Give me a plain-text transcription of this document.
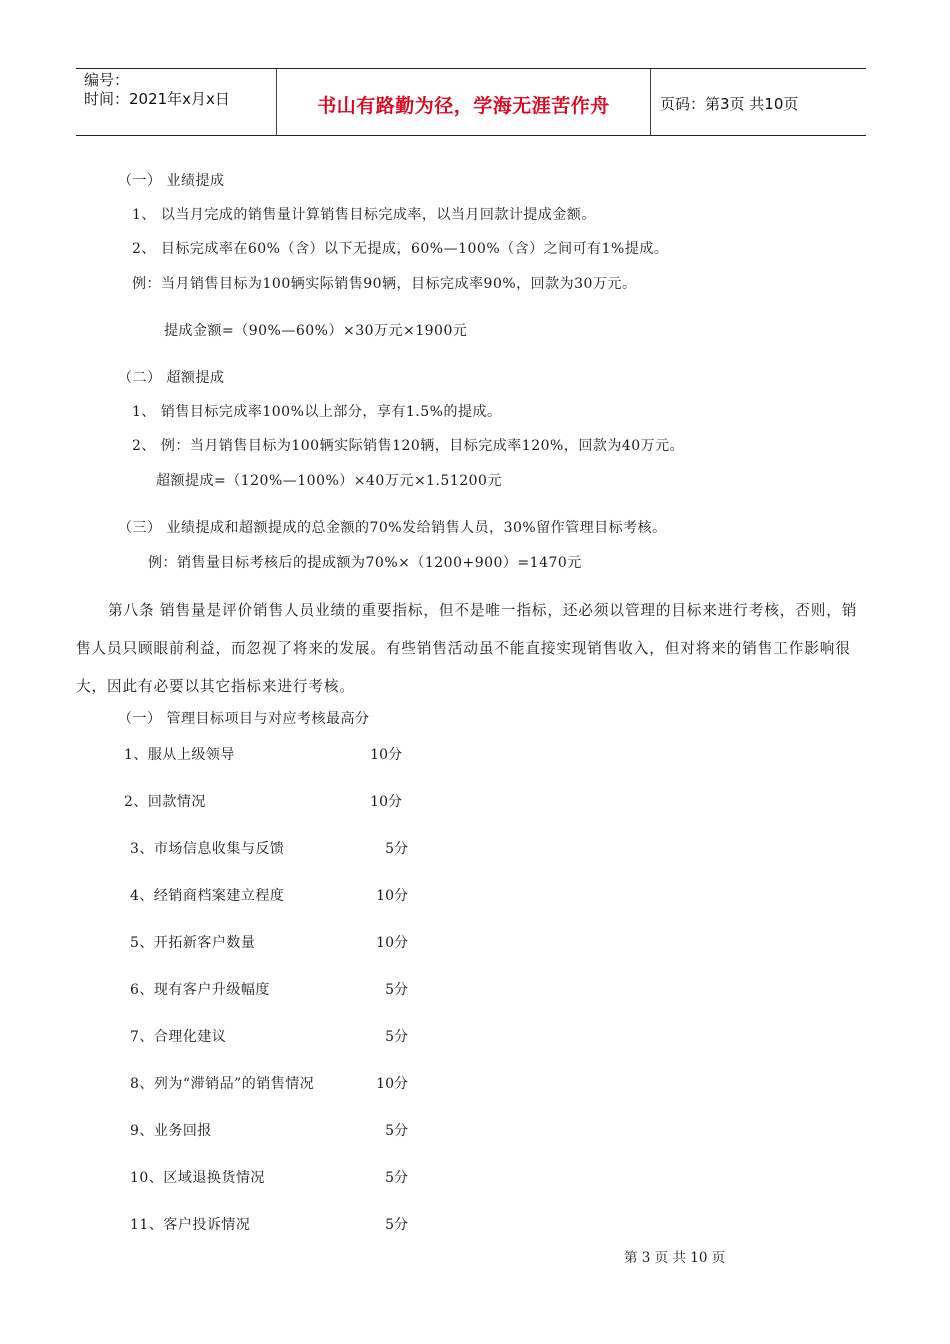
编号：
时间：2021年x月x日	书山有路勤为径，学海无涯苦作舟	页码：第3页 共10页
（一） 业绩提成
1、 以当月完成的销售量计算销售目标完成率，以当月回款计提成金额。
2、 目标完成率在60%（含）以下无提成，60%—100%（含）之间可有1%提成。
例：当月销售目标为100辆实际销售90辆，目标完成率90%，回款为30万元。
提成金额=（90%—60%）×30万元×1900元
（二） 超额提成
1、 销售目标完成率100%以上部分，享有1.5%的提成。
2、 例：当月销售目标为100辆实际销售120辆，目标完成率120%，回款为40万元。
超额提成=（120%—100%）×40万元×1.51200元
（三） 业绩提成和超额提成的总金额的70%发给销售人员，30%留作管理目标考核。
例：销售量目标考核后的提成额为70%×（1200+900）=1470元
第八条 销售量是评价销售人员业绩的重要指标，但不是唯一指标，还必须以管理的目标来进行考核，否则，销售人员只顾眼前利益，而忽视了将来的发展。有些销售活动虽不能直接实现销售收入，但对将来的销售工作影响很大，因此有必要以其它指标来进行考核。
（一） 管理目标项目与对应考核最高分
1、服从上级领导	10分
2、回款情况	10分
3、市场信息收集与反馈	5分
4、经销商档案建立程度	10分
5、开拓新客户数量	10分
6、现有客户升级幅度	5分
7、合理化建议	5分
8、列为“滞销品”的销售情况	10分
9、业务回报	5分
10、区域退换货情况	5分
11、客户投诉情况	5分
第 3 页 共 10 页
